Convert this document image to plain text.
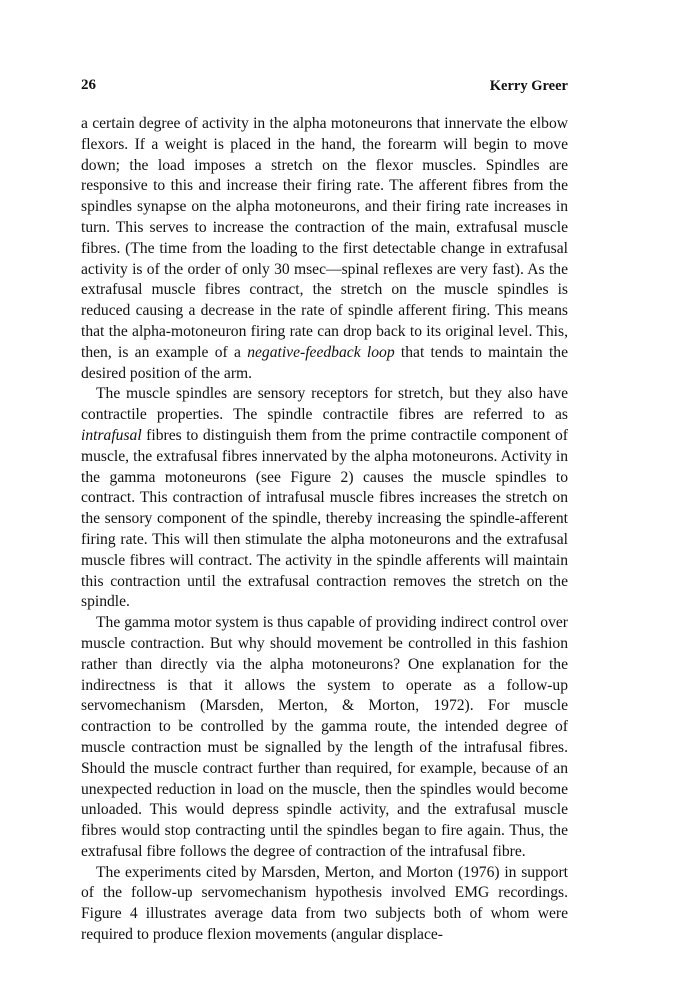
26	Kerry Greer

a certain degree of activity in the alpha motoneurons that innervate the elbow flexors. If a weight is placed in the hand, the forearm will begin to move down; the load imposes a stretch on the flexor muscles. Spindles are responsive to this and increase their firing rate. The afferent fibres from the spindles synapse on the alpha motoneurons, and their firing rate increases in turn. This serves to increase the contraction of the main, extrafusal muscle fibres. (The time from the loading to the first detectable change in extrafusal activity is of the order of only 30 msec—spinal reflexes are very fast). As the extrafusal muscle fibres contract, the stretch on the muscle spindles is reduced causing a decrease in the rate of spindle afferent firing. This means that the alpha-motoneuron firing rate can drop back to its original level. This, then, is an example of a negative-feedback loop that tends to maintain the desired position of the arm.

The muscle spindles are sensory receptors for stretch, but they also have contractile properties. The spindle contractile fibres are referred to as intrafusal fibres to distinguish them from the prime contractile component of muscle, the extrafusal fibres innervated by the alpha motoneurons. Activity in the gamma motoneurons (see Figure 2) causes the muscle spindles to contract. This contraction of intrafusal muscle fibres increases the stretch on the sensory component of the spindle, thereby increasing the spindle-afferent firing rate. This will then stimulate the alpha motoneurons and the extrafusal muscle fibres will contract. The activity in the spindle afferents will maintain this contraction until the extrafusal contraction removes the stretch on the spindle.

The gamma motor system is thus capable of providing indirect control over muscle contraction. But why should movement be controlled in this fashion rather than directly via the alpha motoneurons? One explanation for the indirectness is that it allows the system to operate as a follow-up servomechanism (Marsden, Merton, & Morton, 1972). For muscle contraction to be controlled by the gamma route, the intended degree of muscle contraction must be signalled by the length of the intrafusal fibres. Should the muscle contract further than required, for example, because of an unexpected reduction in load on the muscle, then the spindles would become unloaded. This would depress spindle activity, and the extrafusal muscle fibres would stop contracting until the spindles began to fire again. Thus, the extrafusal fibre follows the degree of contraction of the intrafusal fibre.

The experiments cited by Marsden, Merton, and Morton (1976) in support of the follow-up servomechanism hypothesis involved EMG recordings. Figure 4 illustrates average data from two subjects both of whom were required to produce flexion movements (angular displace-
